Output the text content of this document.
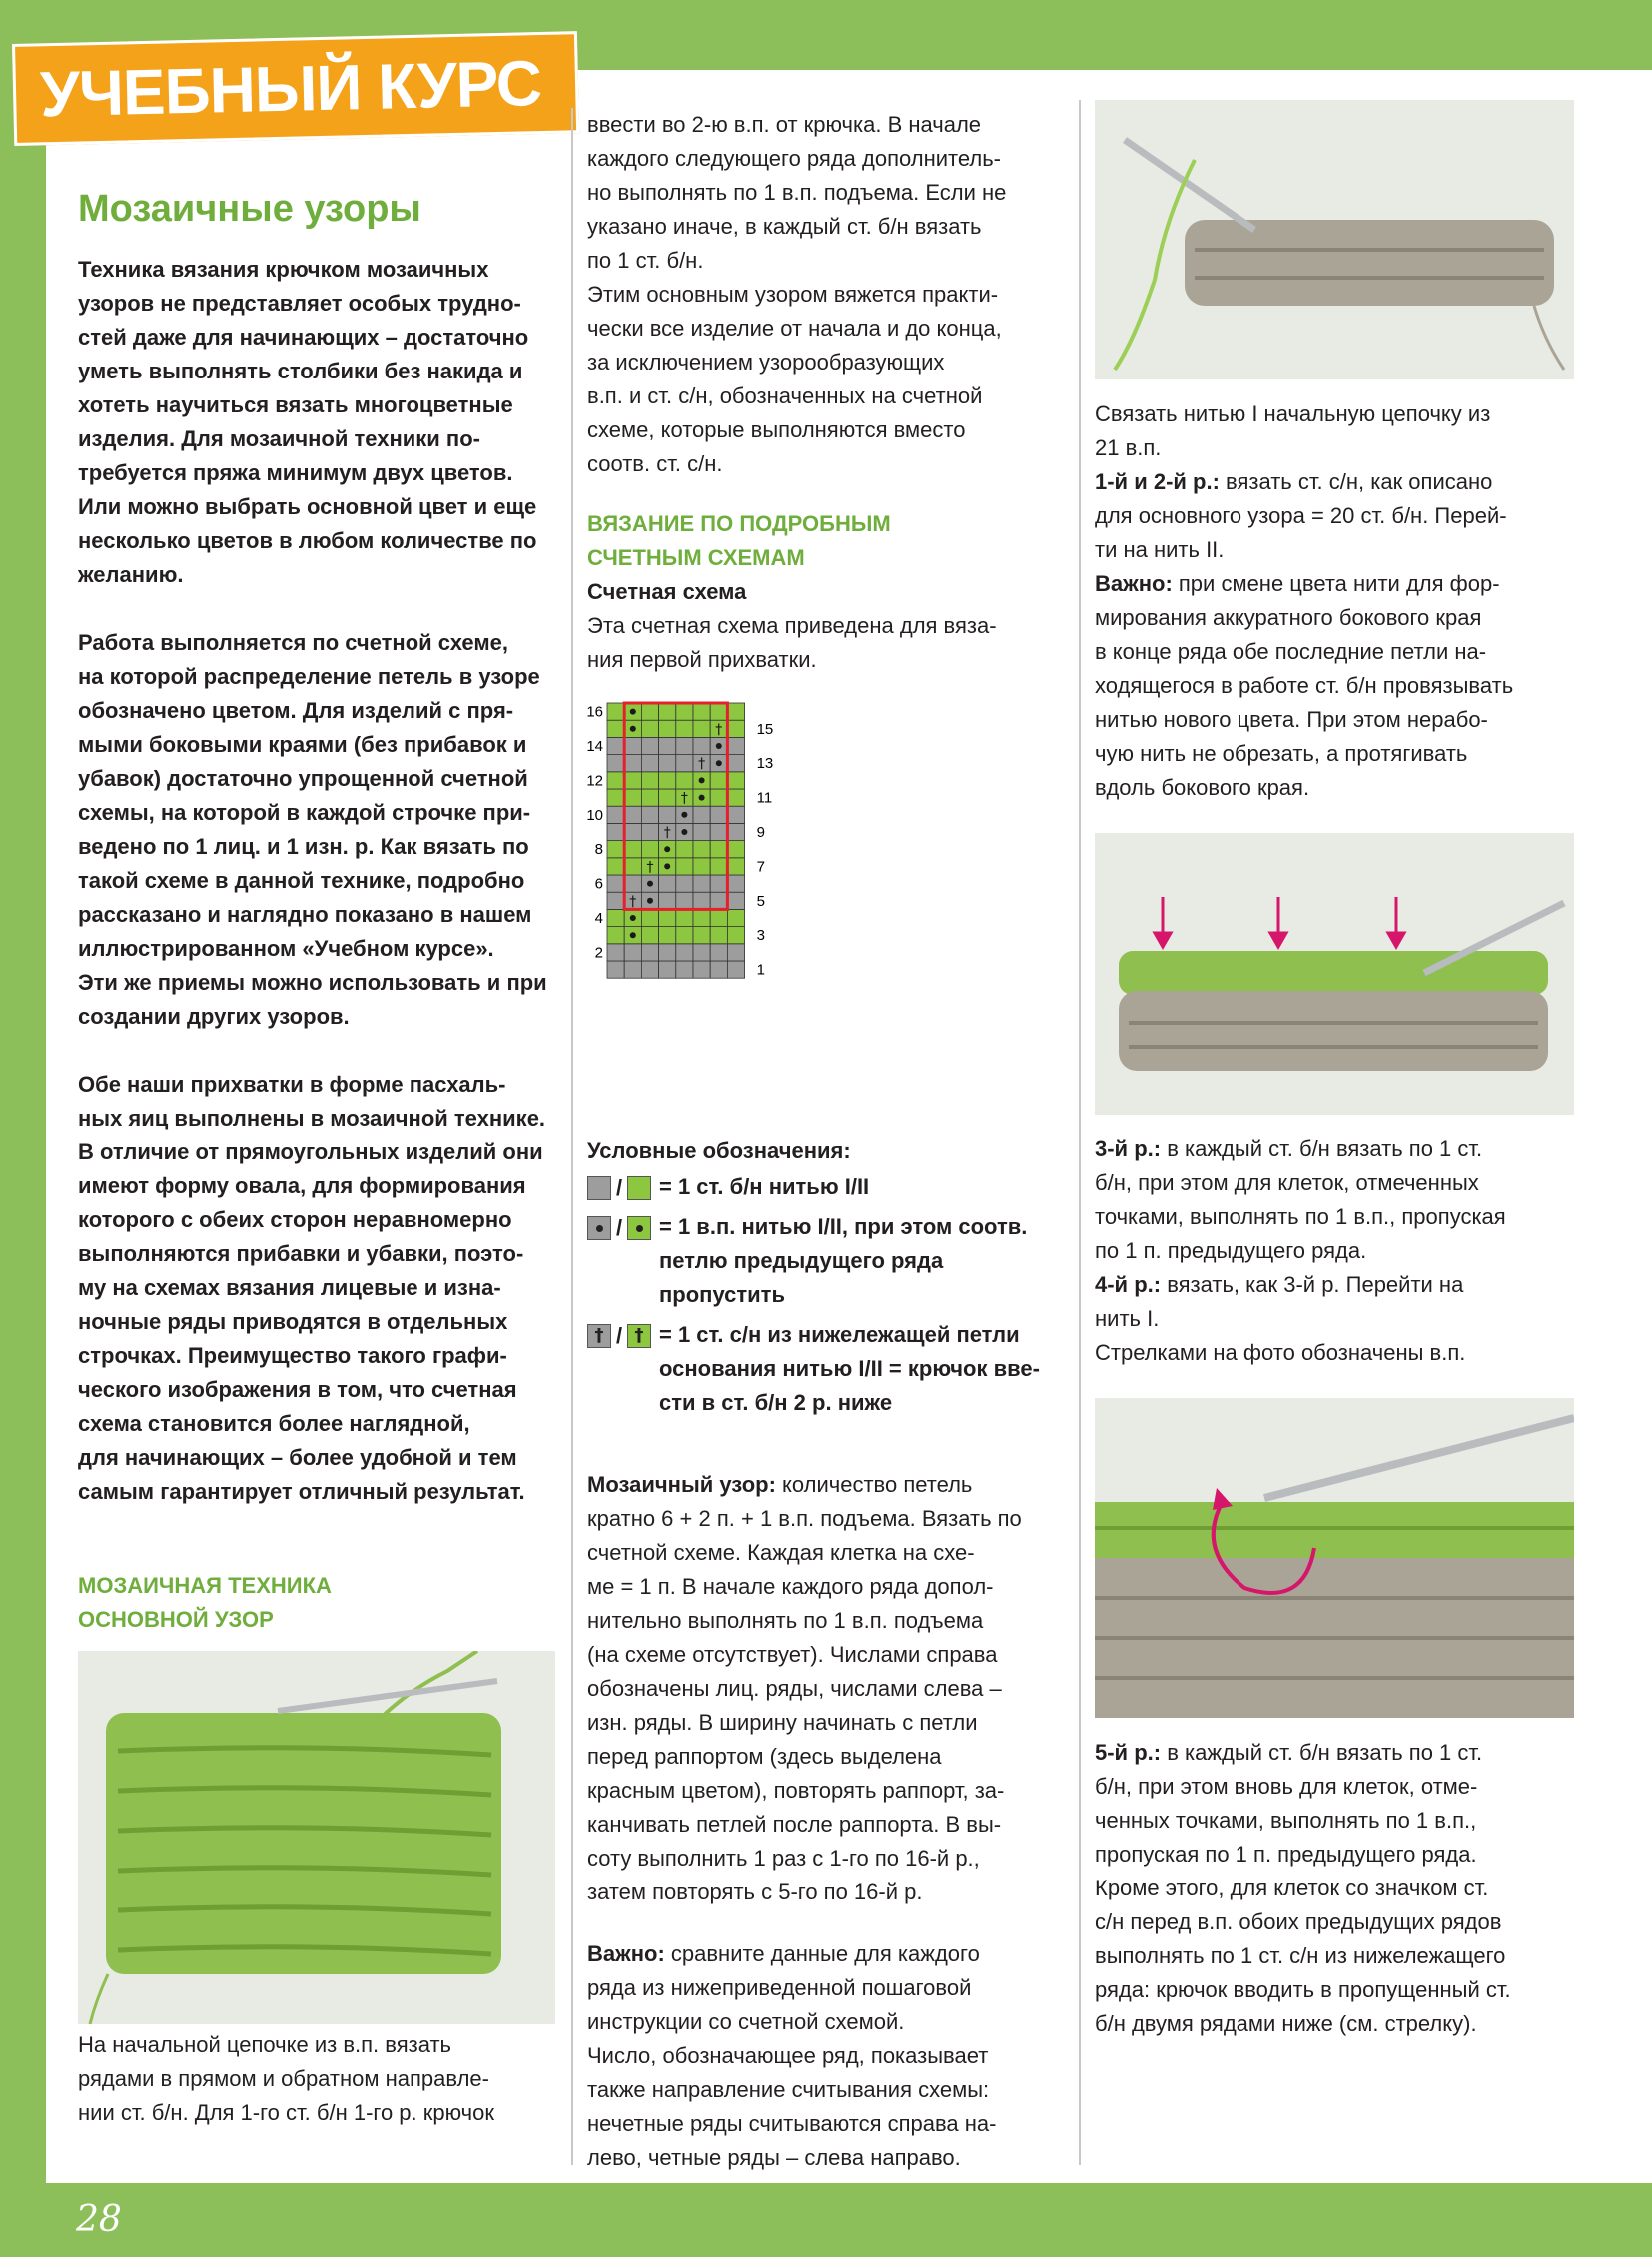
28
УЧЕБНЫЙ КУРС
Мозаичные узоры
Техника вязания крючком мозаичных
узоров не представляет особых трудно-
стей даже для начинающих – достаточно
уметь выполнять столбики без накида и
хотеть научиться вязать многоцветные
изделия. Для мозаичной техники по-
требуется пряжа минимум двух цветов.
Или можно выбрать основной цвет и еще
несколько цветов в любом количестве по
желанию.
Работа выполняется по счетной схеме,
на которой распределение петель в узоре
обозначено цветом. Для изделий с пря-
мыми боковыми краями (без прибавок и
убавок) достаточно упрощенной счетной
схемы, на которой в каждой строчке при-
ведено по 1 лиц. и 1 изн. р. Как вязать по
такой схеме в данной технике, подробно
рассказано и наглядно показано в нашем
иллюстрированном «Учебном курсе».
Эти же приемы можно использовать и при
создании других узоров.
Обе наши прихватки в форме пасхаль-
ных яиц выполнены в мозаичной технике.
В отличие от прямоугольных изделий они
имеют форму овала, для формирования
которого с обеих сторон неравномерно
выполняются прибавки и убавки, поэто-
му на схемах вязания лицевые и изна-
ночные ряды приводятся в отдельных
строчках. Преимущество такого графи-
ческого изображения в том, что счетная
схема становится более наглядной,
для начинающих – более удобной и тем
самым гарантирует отличный результат.
МОЗАИЧНАЯ ТЕХНИКА
ОСНОВНОЙ УЗОР
На начальной цепочке из в.п. вязать
рядами в прямом и обратном направле-
нии ст. б/н. Для 1-го ст. б/н 1-го р. крючок
ввести во 2-ю в.п. от крючка. В начале
каждого следующего ряда дополнитель-
но выполнять по 1 в.п. подъема. Если не
указано иначе, в каждый ст. б/н вязать
по 1 ст. б/н.
Этим основным узором вяжется практи-
чески все изделие от начала и до конца,
за исключением узорообразующих
в.п. и ст. с/н, обозначенных на счетной
схеме, которые выполняются вместо
соотв. ст. с/н.
ВЯЗАНИЕ ПО ПОДРОБНЫМ
СЧЕТНЫМ СХЕМАМ
Счетная схема
Эта счетная схема приведена для вяза-
ния первой прихватки.
†
†
†
†
†
†
2
4
6
8
10
12
14
16
1
3
5
7
9
11
13
15
Условные обозначения:
/ = 1 ст. б/н нитью I/II
/ = 1 в.п. нитью I/II, при этом соотв.
петлю предыдущего ряда пропустить
† / † = 1 ст. с/н из нижележащей петли
основания нитью I/II = крючок вве-
сти в ст. б/н 2 р. ниже
Мозаичный узор: количество петель
кратно 6 + 2 п. + 1 в.п. подъема. Вязать по
счетной схеме. Каждая клетка на схе-
ме = 1 п. В начале каждого ряда допол-
нительно выполнять по 1 в.п. подъема
(на схеме отсутствует). Числами справа
обозначены лиц. ряды, числами слева –
изн. ряды. В ширину начинать с петли
перед раппортом (здесь выделена
красным цветом), повторять раппорт, за-
канчивать петлей после раппорта. В вы-
соту выполнить 1 раз с 1-го по 16-й р.,
затем повторять с 5-го по 16-й р.
Важно: сравните данные для каждого
ряда из нижеприведенной пошаговой
инструкции со счетной схемой.
Число, обозначающее ряд, показывает
также направление считывания схемы:
нечетные ряды считываются справа на-
лево, четные ряды – слева направо.
Связать нитью I начальную цепочку из
21 в.п.
1-й и 2-й р.: вязать ст. с/н, как описано
для основного узора = 20 ст. б/н. Перей-
ти на нить II.
Важно: при смене цвета нити для фор-
мирования аккуратного бокового края
в конце ряда обе последние петли на-
ходящегося в работе ст. б/н провязывать
нитью нового цвета. При этом нерабо-
чую нить не обрезать, а протягивать
вдоль бокового края.
3-й р.: в каждый ст. б/н вязать по 1 ст.
б/н, при этом для клеток, отмеченных
точками, выполнять по 1 в.п., пропуская
по 1 п. предыдущего ряда.
4-й р.: вязать, как 3-й р. Перейти на
нить I.
Стрелками на фото обозначены в.п.
5-й р.: в каждый ст. б/н вязать по 1 ст.
б/н, при этом вновь для клеток, отме-
ченных точками, выполнять по 1 в.п.,
пропуская по 1 п. предыдущего ряда.
Кроме этого, для клеток со значком ст.
с/н перед в.п. обоих предыдущих рядов
выполнять по 1 ст. с/н из нижележащего
ряда: крючок вводить в пропущенный ст.
б/н двумя рядами ниже (см. стрелку).
